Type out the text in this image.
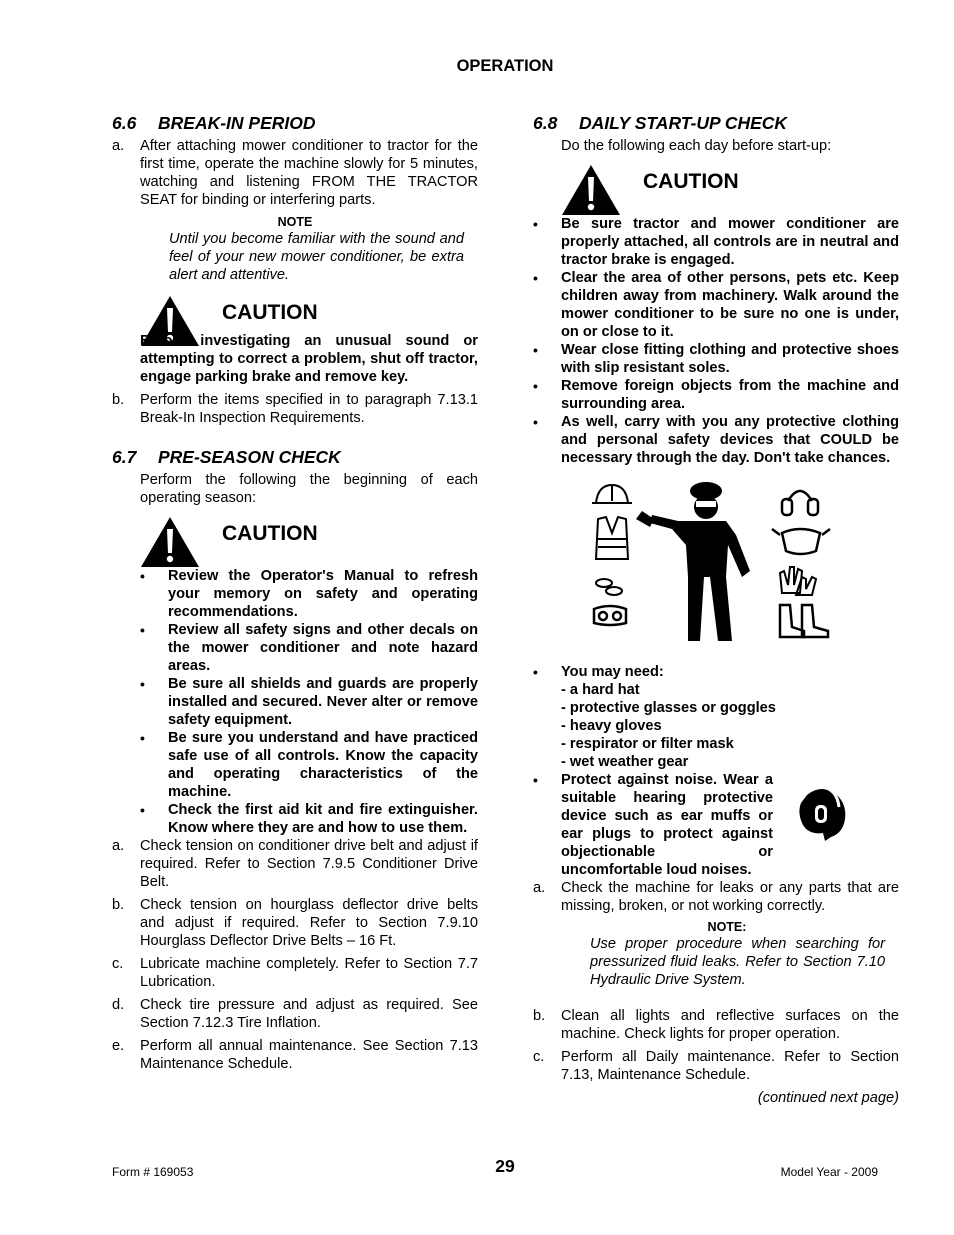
OPERATION
6.6 BREAK-IN PERIOD
a.	After attaching mower conditioner to tractor for the first time, operate the machine slowly for 5 minutes, watching and listening FROM THE TRACTOR SEAT for binding or interfering parts.
NOTE
Until you become familiar with the sound and feel of your new mower conditioner, be extra alert and attentive.
CAUTION
Before investigating an unusual sound or attempting to correct a problem, shut off tractor, engage parking brake and remove key.
b.	Perform the items specified in to paragraph 7.13.1 Break-In Inspection Requirements.
6.7 PRE-SEASON CHECK
Perform the following the beginning of each operating season:
CAUTION
• Review the Operator's Manual to refresh your memory on safety and operating recommendations.
• Review all safety signs and other decals on the mower conditioner and note hazard areas.
• Be sure all shields and guards are properly installed and secured. Never alter or remove safety equipment.
• Be sure you understand and have practiced safe use of all controls. Know the capacity and operating characteristics of the machine.
• Check the first aid kit and fire extinguisher. Know where they are and how to use them.
a.	Check tension on conditioner drive belt and adjust if required. Refer to Section 7.9.5 Conditioner Drive Belt.
b.	Check tension on hourglass deflector drive belts and adjust if required. Refer to Section 7.9.10 Hourglass Deflector Drive Belts – 16 Ft.
c.	Lubricate machine completely. Refer to Section 7.7 Lubrication.
d.	Check tire pressure and adjust as required. See Section 7.12.3 Tire Inflation.
e.	Perform all annual maintenance. See Section 7.13 Maintenance Schedule.
6.8 DAILY START-UP CHECK
Do the following each day before start-up:
CAUTION
• Be sure tractor and mower conditioner are properly attached, all controls are in neutral and tractor brake is engaged.
• Clear the area of other persons, pets etc. Keep children away from machinery. Walk around the mower conditioner to be sure no one is under, on or close to it.
• Wear close fitting clothing and protective shoes with slip resistant soles.
• Remove foreign objects from the machine and surrounding area.
• As well, carry with you any protective clothing and personal safety devices that COULD be necessary through the day. Don't take chances.
• You may need:
- a hard hat
- protective glasses or goggles
- heavy gloves
- respirator or filter mask
- wet weather gear
• Protect against noise. Wear a suitable hearing protective device such as ear muffs or ear plugs to protect against objectionable or uncomfortable loud noises.
a.	Check the machine for leaks or any parts that are missing, broken, or not working correctly.
NOTE:
Use proper procedure when searching for pressurized fluid leaks. Refer to Section 7.10 Hydraulic Drive System.
b.	Clean all lights and reflective surfaces on the machine. Check lights for proper operation.
c.	Perform all Daily maintenance. Refer to Section 7.13, Maintenance Schedule.
(continued next page)
Form # 169053	29	Model Year - 2009
